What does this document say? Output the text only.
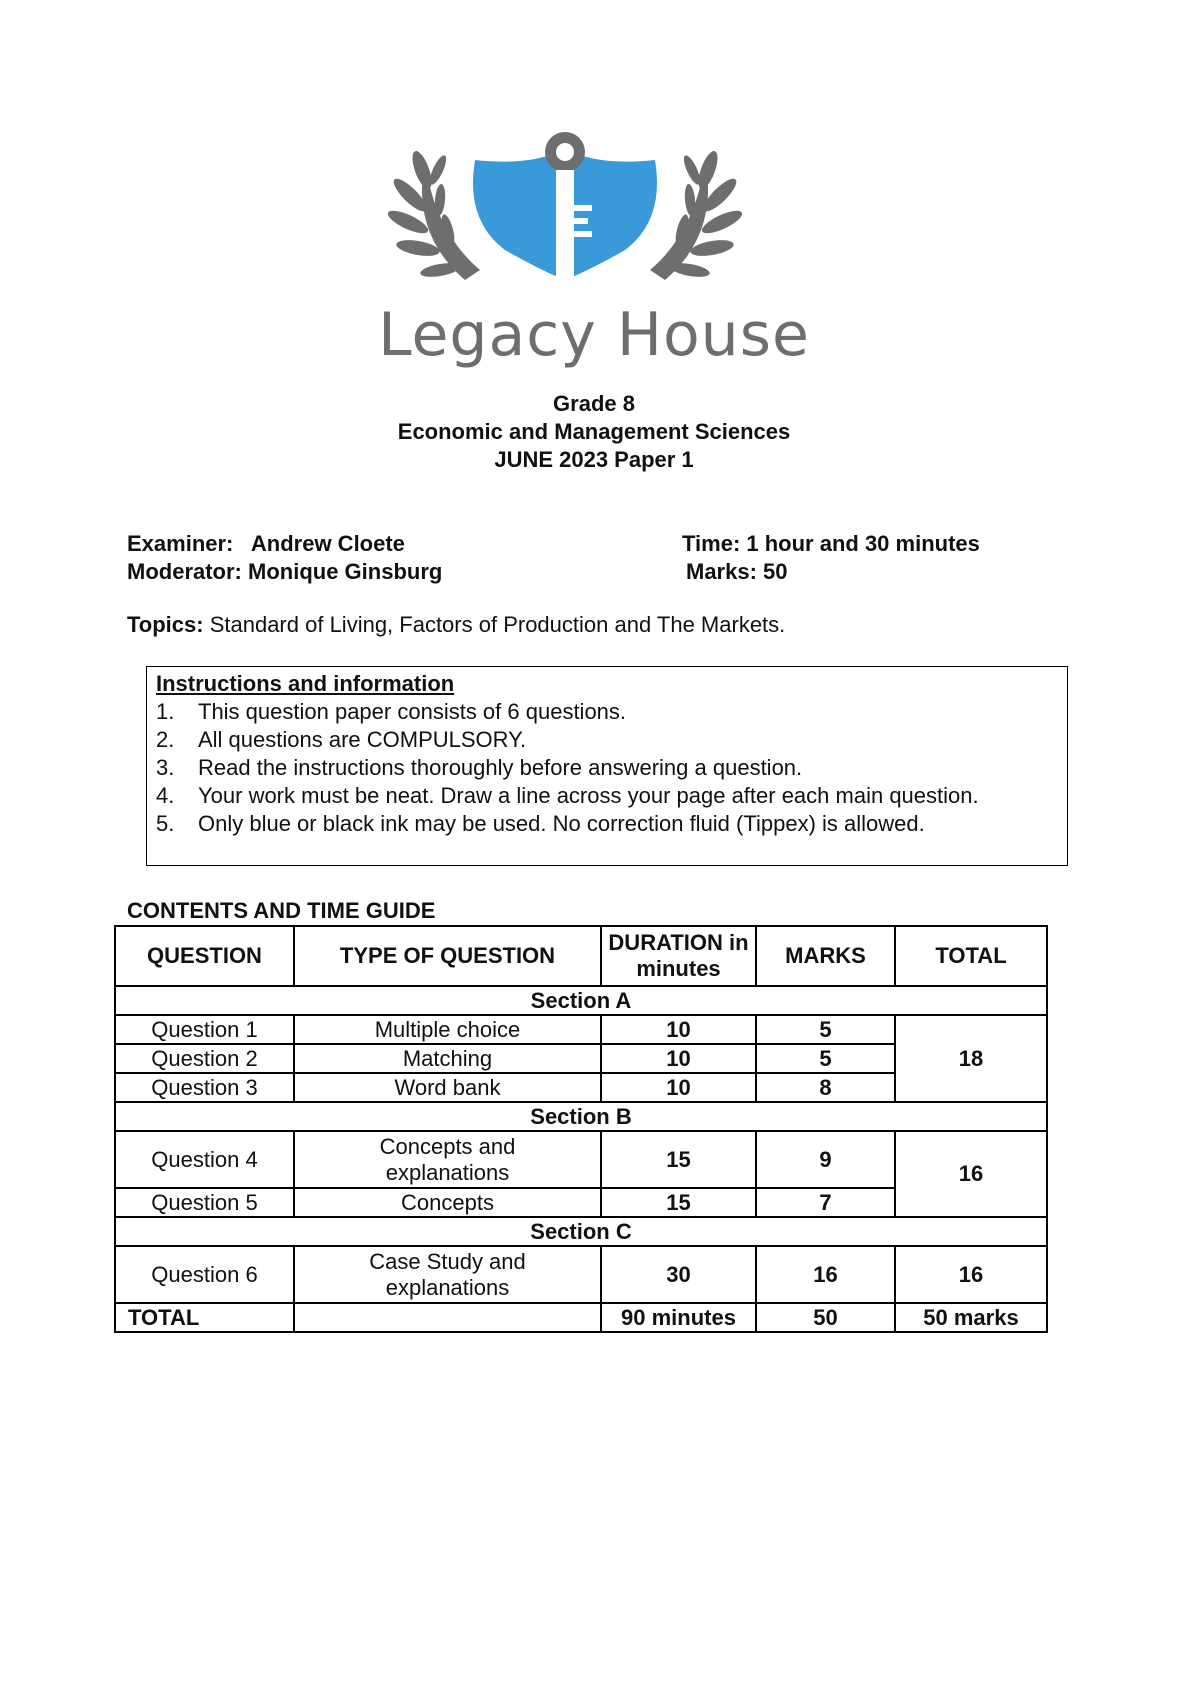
Legacy House
Grade 8
Economic and Management Sciences
JUNE 2023 Paper 1
Examiner:   Andrew Cloete
Moderator: Monique Ginsburg
Time: 1 hour and 30 minutes
Marks: 50
Topics: Standard of Living, Factors of Production and The Markets.
Instructions and information
1.	This question paper consists of 6 questions.
2.	All questions are COMPULSORY.
3.	Read the instructions thoroughly before answering a question.
4.	Your work must be neat. Draw a line across your page after each main question.
5.	Only blue or black ink may be used. No correction fluid (Tippex) is allowed.
CONTENTS AND TIME GUIDE
QUESTION	TYPE OF QUESTION	DURATION in minutes	MARKS	TOTAL
Section A				
Question 1	Multiple choice	10	5	18
Question 2	Matching	10	5	
Question 3	Word bank	10	8	
Section B				
Question 4	Concepts and explanations	15	9	16
Question 5	Concepts	15	7	
Section C				
Question 6	Case Study and explanations	30	16	16
TOTAL		90 minutes	50	50 marks
